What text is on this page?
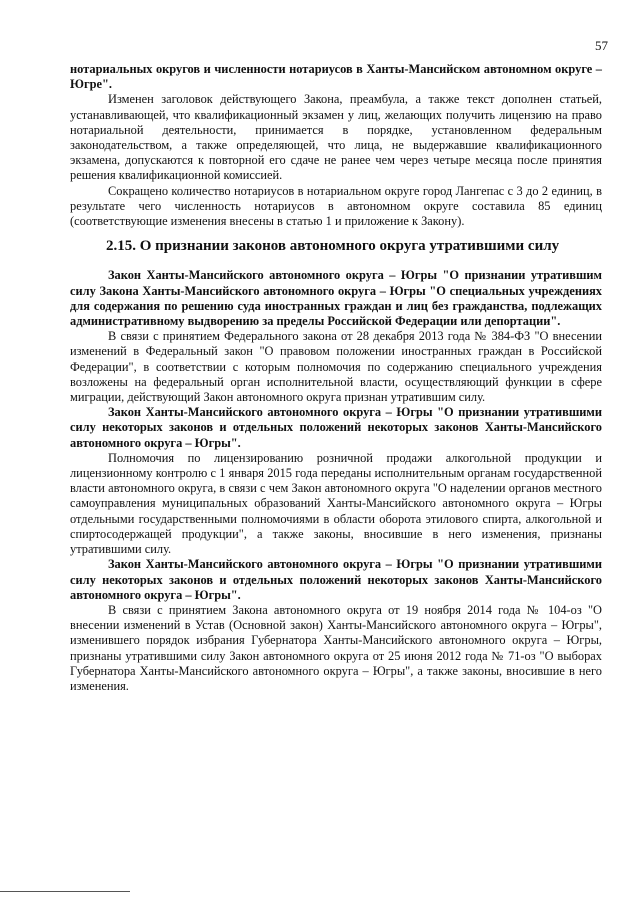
57

нотариальных округов и численности нотариусов в Ханты-Мансийском автономном округе – Югре".

Изменен заголовок действующего Закона, преамбула, а также текст дополнен статьей, устанавливающей, что квалификационный экзамен у лиц, желающих получить лицензию на право нотариальной деятельности, принимается в порядке, установленном федеральным законодательством, а также определяющей, что лица, не выдержавшие квалификационного экзамена, допускаются к повторной его сдаче не ранее чем через четыре месяца после принятия решения квалификационной комиссией.

Сокращено количество нотариусов в нотариальном округе город Лангепас с 3 до 2 единиц, в результате чего численность нотариусов в автономном округе составила 85 единиц (соответствующие изменения внесены в статью 1 и приложение к Закону).

2.15. О признании законов автономного округа утратившими силу

Закон Ханты-Мансийского автономного округа – Югры "О признании утратившим силу Закона Ханты-Мансийского автономного округа – Югры "О специальных учреждениях для содержания по решению суда иностранных граждан и лиц без гражданства, подлежащих административному выдворению за пределы Российской Федерации или депортации".

В связи с принятием Федерального закона от 28 декабря 2013 года № 384-ФЗ "О внесении изменений в Федеральный закон "О правовом положении иностранных граждан в Российской Федерации", в соответствии с которым полномочия по содержанию специального учреждения возложены на федеральный орган исполнительной власти, осуществляющий функции в сфере миграции, действующий Закон автономного округа признан утратившим силу.

Закон Ханты-Мансийского автономного округа – Югры "О признании утратившими силу некоторых законов и отдельных положений некоторых законов Ханты-Мансийского автономного округа – Югры".

Полномочия по лицензированию розничной продажи алкогольной продукции и лицензионному контролю с 1 января 2015 года переданы исполнительным органам государственной власти автономного округа, в связи с чем Закон автономного округа "О наделении органов местного самоуправления муниципальных образований Ханты-Мансийского автономного округа – Югры отдельными государственными полномочиями в области оборота этилового спирта, алкогольной и спиртосодержащей продукции", а также законы, вносившие в него изменения, признаны утратившими силу.

Закон Ханты-Мансийского автономного округа – Югры "О признании утратившими силу некоторых законов и отдельных положений некоторых законов Ханты-Мансийского автономного округа – Югры".

В связи с принятием Закона автономного округа от 19 ноября 2014 года № 104-оз "О внесении изменений в Устав (Основной закон) Ханты-Мансийского автономного округа – Югры", изменившего порядок избрания Губернатора Ханты-Мансийского автономного округа – Югры, признаны утратившими силу Закон автономного округа от 25 июня 2012 года № 71-оз "О выборах Губернатора Ханты-Мансийского автономного округа – Югры", а также законы, вносившие в него изменения.
